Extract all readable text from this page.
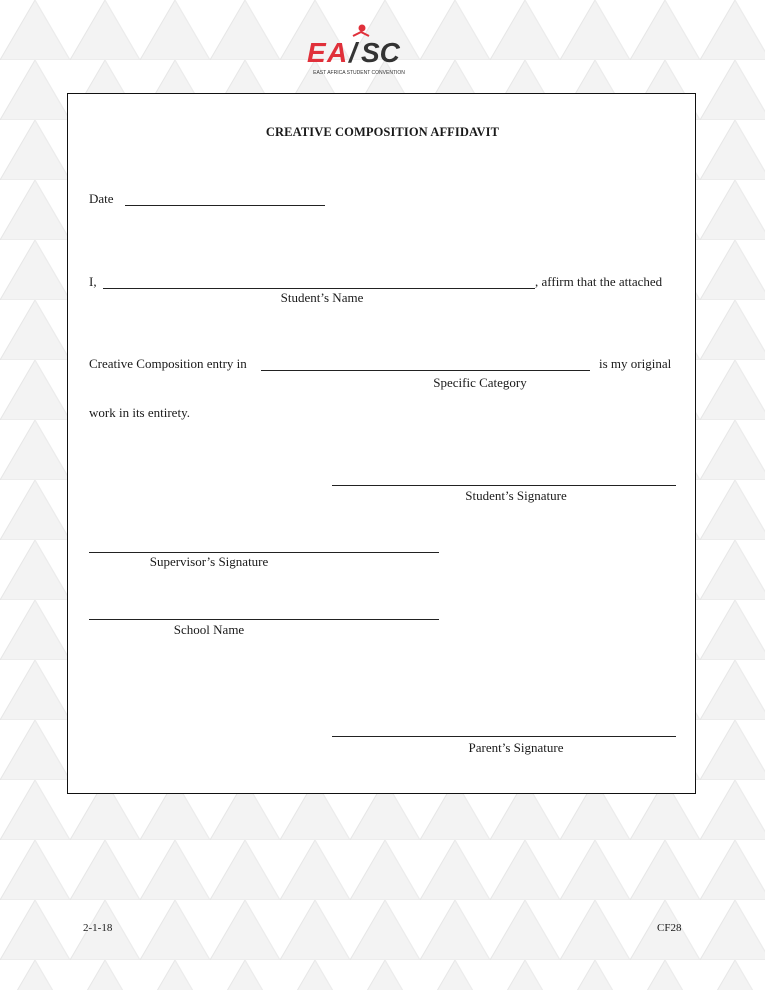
E A / SC
EAST AFRICA STUDENT CONVENTION
CREATIVE COMPOSITION AFFIDAVIT
Date
I,	, affirm that the attached
Student’s Name
Creative Composition entry in	is my original
Specific Category
work in its entirety.
Student’s Signature
Supervisor’s Signature
School Name
Parent’s Signature
2-1-18	CF28
